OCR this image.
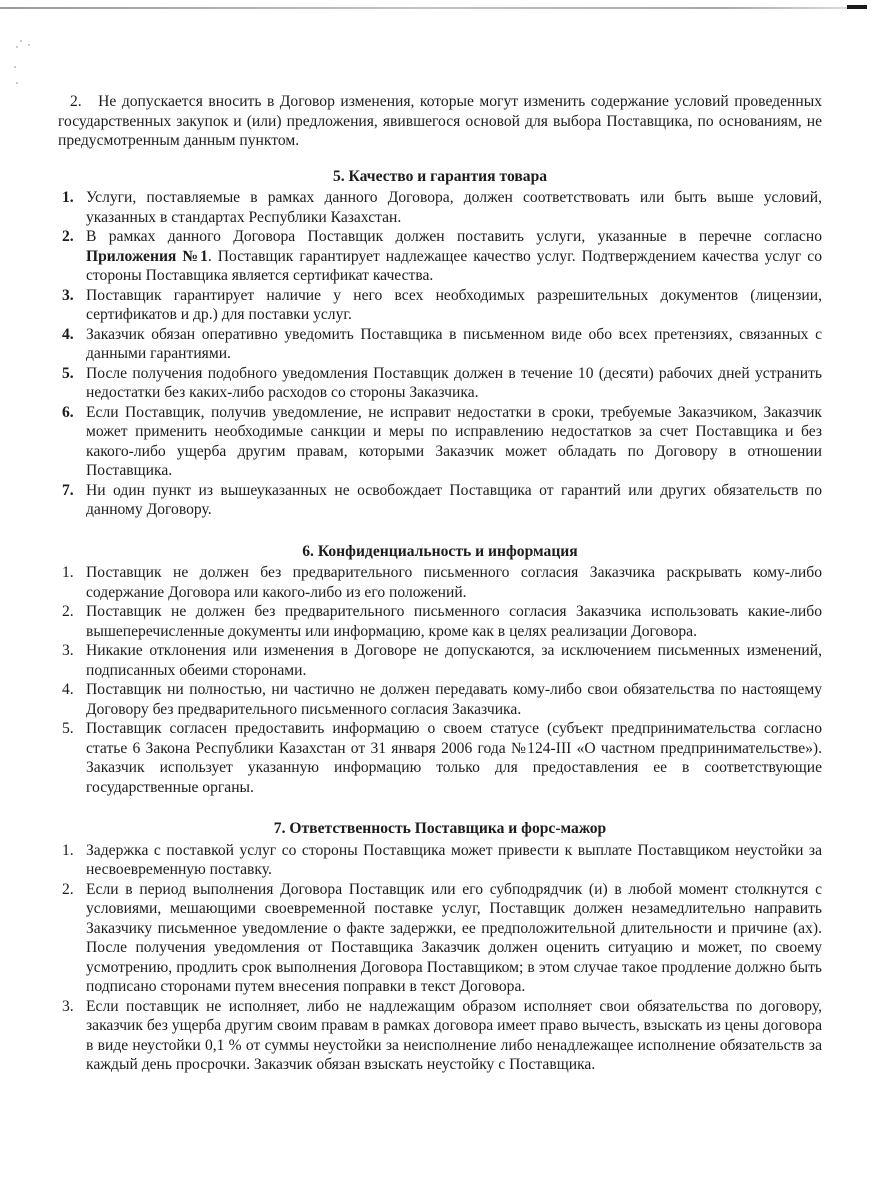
2. Не допускается вносить в Договор изменения, которые могут изменить содержание условий проведенных государственных закупок и (или) предложения, явившегося основой для выбора Поставщика, по основаниям, не предусмотренным данным пунктом.

5. Качество и гарантия товара
1. Услуги, поставляемые в рамках данного Договора, должен соответствовать или быть выше условий, указанных в стандартах Республики Казахстан.
2. В рамках данного Договора Поставщик должен поставить услуги, указанные в перечне согласно Приложения №1. Поставщик гарантирует надлежащее качество услуг. Подтверждением качества услуг со стороны Поставщика является сертификат качества.
3. Поставщик гарантирует наличие у него всех необходимых разрешительных документов (лицензии, сертификатов и др.) для поставки услуг.
4. Заказчик обязан оперативно уведомить Поставщика в письменном виде обо всех претензиях, связанных с данными гарантиями.
5. После получения подобного уведомления Поставщик должен в течение 10 (десяти) рабочих дней устранить недостатки без каких-либо расходов со стороны Заказчика.
6. Если Поставщик, получив уведомление, не исправит недостатки в сроки, требуемые Заказчиком, Заказчик может применить необходимые санкции и меры по исправлению недостатков за счет Поставщика и без какого-либо ущерба другим правам, которыми Заказчик может обладать по Договору в отношении Поставщика.
7. Ни один пункт из вышеуказанных не освобождает Поставщика от гарантий или других обязательств по данному Договору.
6. Конфиденциальность и информация
1. Поставщик не должен без предварительного письменного согласия Заказчика раскрывать кому-либо содержание Договора или какого-либо из его положений.
2. Поставщик не должен без предварительного письменного согласия Заказчика использовать какие-либо вышеперечисленные документы или информацию, кроме как в целях реализации Договора.
3. Никакие отклонения или изменения в Договоре не допускаются, за исключением письменных изменений, подписанных обеими сторонами.
4. Поставщик ни полностью, ни частично не должен передавать кому-либо свои обязательства по настоящему Договору без предварительного письменного согласия Заказчика.
5. Поставщик согласен предоставить информацию о своем статусе (субъект предпринимательства согласно статье 6 Закона Республики Казахстан от 31 января 2006 года №124-III «О частном предпринимательстве»). Заказчик использует указанную информацию только для предоставления ее в соответствующие государственные органы.
7. Ответственность Поставщика и форс-мажор
1. Задержка с поставкой услуг со стороны Поставщика может привести к выплате Поставщиком неустойки за несвоевременную поставку.
2. Если в период выполнения Договора Поставщик или его субподрядчик (и) в любой момент столкнутся с условиями, мешающими своевременной поставке услуг, Поставщик должен незамедлительно направить Заказчику письменное уведомление о факте задержки, ее предположительной длительности и причине (ах). После получения уведомления от Поставщика Заказчик должен оценить ситуацию и может, по своему усмотрению, продлить срок выполнения Договора Поставщиком; в этом случае такое продление должно быть подписано сторонами путем внесения поправки в текст Договора.
3. Если поставщик не исполняет, либо не надлежащим образом исполняет свои обязательства по договору, заказчик без ущерба другим своим правам в рамках договора имеет право вычесть, взыскать из цены договора в виде неустойки 0,1 % от суммы неустойки за неисполнение либо ненадлежащее исполнение обязательств за каждый день просрочки. Заказчик обязан взыскать неустойку с Поставщика.
